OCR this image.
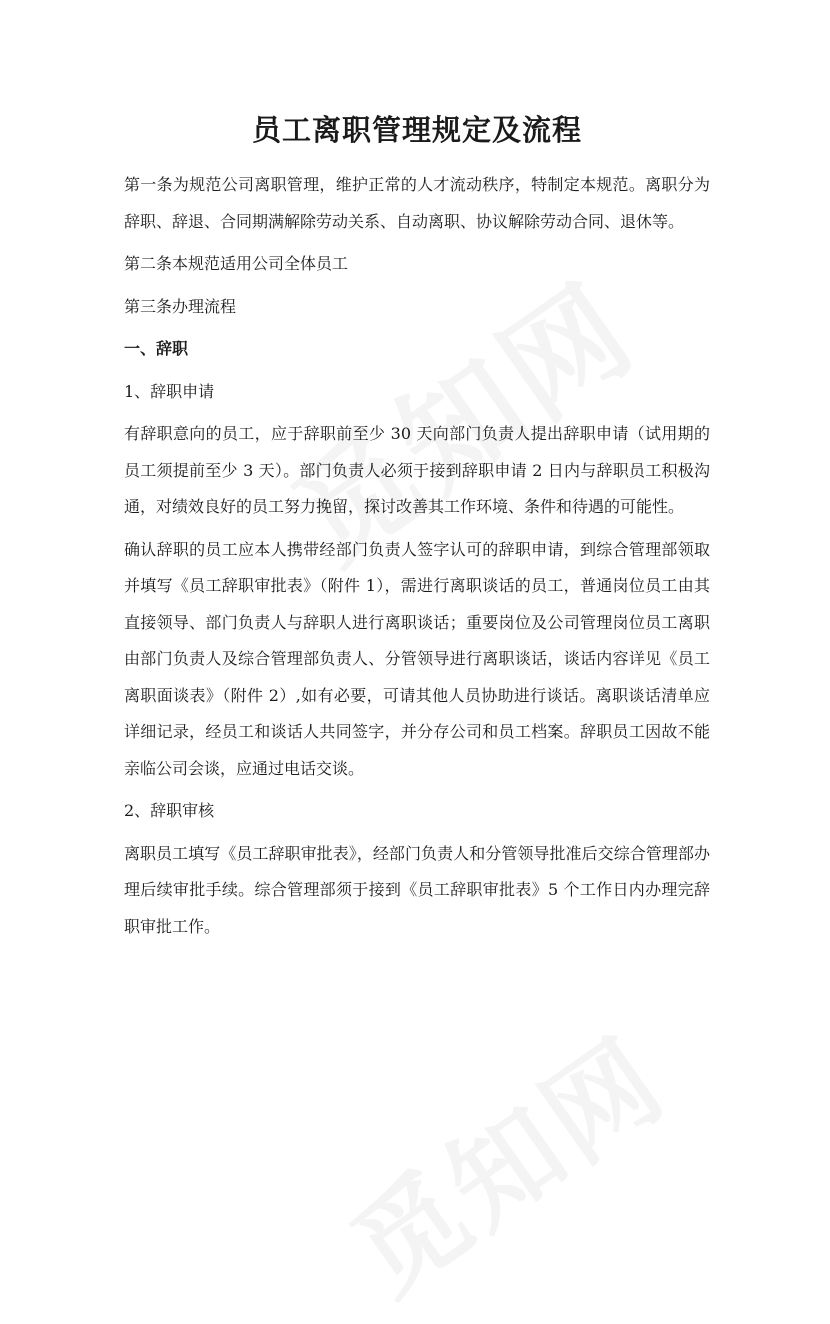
员工离职管理规定及流程

第一条为规范公司离职管理，维护正常的人才流动秩序，特制定本规范。离职分为辞职、辞退、合同期满解除劳动关系、自动离职、协议解除劳动合同、退休等。

第二条本规范适用公司全体员工

第三条办理流程

一、辞职

1、辞职申请

有辞职意向的员工，应于辞职前至少 30 天向部门负责人提出辞职申请（试用期的员工须提前至少 3 天）。部门负责人必须于接到辞职申请 2 日内与辞职员工积极沟通，对绩效良好的员工努力挽留，探讨改善其工作环境、条件和待遇的可能性。

确认辞职的员工应本人携带经部门负责人签字认可的辞职申请，到综合管理部领取并填写《员工辞职审批表》（附件 1），需进行离职谈话的员工，普通岗位员工由其直接领导、部门负责人与辞职人进行离职谈话；重要岗位及公司管理岗位员工离职由部门负责人及综合管理部负责人、分管领导进行离职谈话，谈话内容详见《员工离职面谈表》（附件 2）,如有必要，可请其他人员协助进行谈话。离职谈话清单应详细记录，经员工和谈话人共同签字，并分存公司和员工档案。辞职员工因故不能亲临公司会谈，应通过电话交谈。

2、辞职审核

离职员工填写《员工辞职审批表》，经部门负责人和分管领导批准后交综合管理部办理后续审批手续。综合管理部须于接到《员工辞职审批表》5 个工作日内办理完辞职审批工作。
